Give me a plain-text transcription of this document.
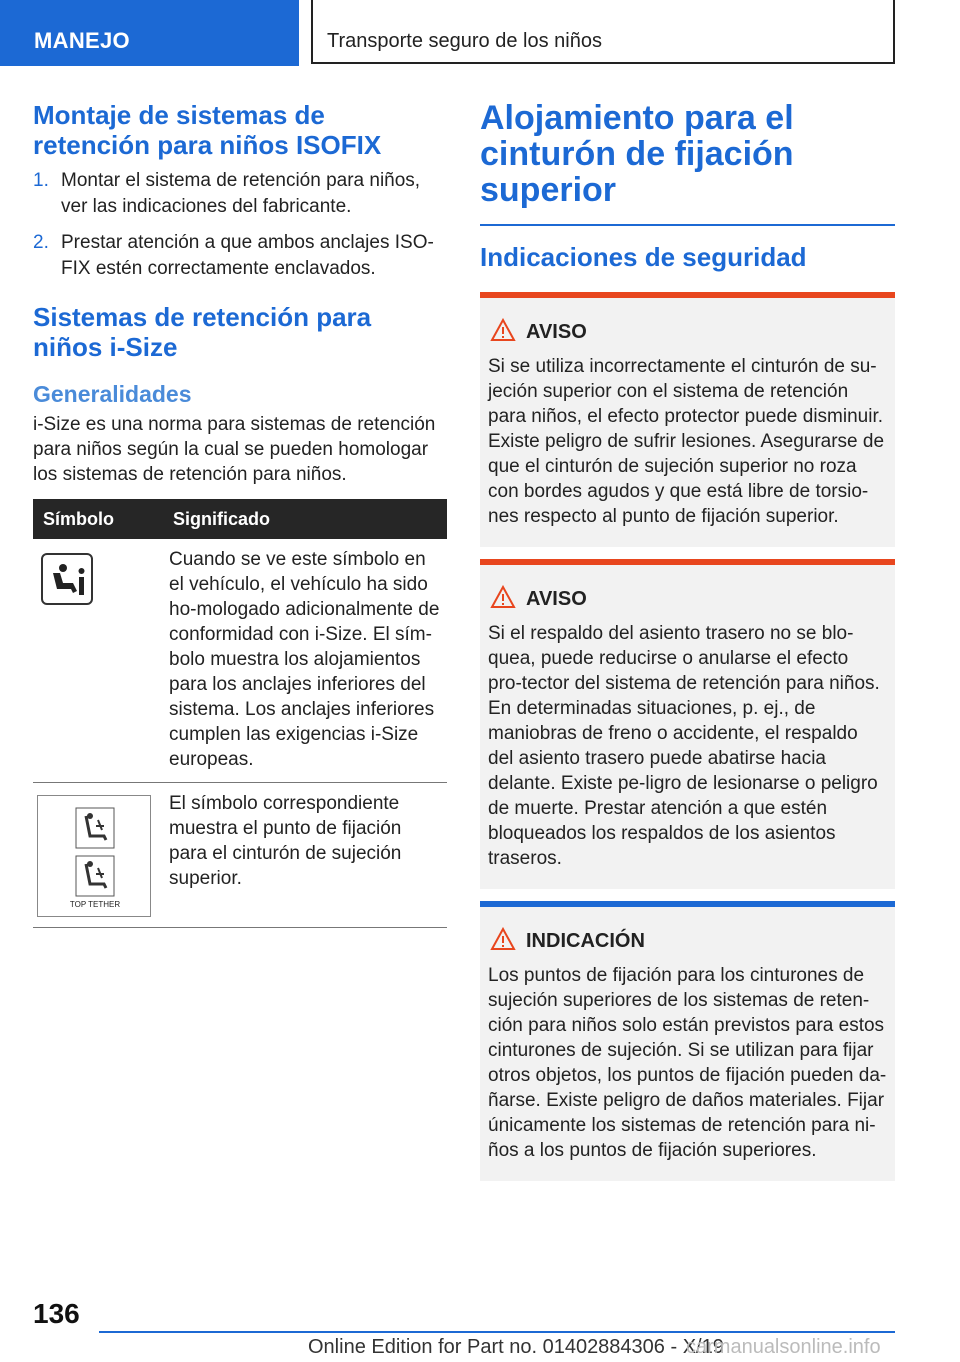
MANEJO	Transporte seguro de los niños
Montaje de sistemas de retención para niños ISOFIX
1. Montar el sistema de retención para niños, ver las indicaciones del fabricante.
2. Prestar atención a que ambos anclajes ISO-FIX estén correctamente enclavados.
Sistemas de retención para niños i-Size
Generalidades

i-Size es una norma para sistemas de retención para niños según la cual se pueden homologar los sistemas de retención para niños.

Símbolo	Significado

	Cuando se ve este símbolo en el vehículo, el vehículo ha sido ho-mologado adicionalmente de conformidad con i-Size. El sím-bolo muestra los alojamientos para los anclajes inferiores del sistema. Los anclajes inferiores cumplen las exigencias i-Size europeas.

TOP TETHER	El símbolo correspondiente muestra el punto de fijación para el cinturón de sujeción superior.
Alojamiento para el cinturón de fijación superior
Indicaciones de seguridad
AVISO

Si se utiliza incorrectamente el cinturón de su-jeción superior con el sistema de retención para niños, el efecto protector puede disminuir. Existe peligro de sufrir lesiones. Asegurarse de que el cinturón de sujeción superior no roza con bordes agudos y que está libre de torsio-nes respecto al punto de fijación superior.

AVISO

Si el respaldo del asiento trasero no se blo-quea, puede reducirse o anularse el efecto pro-tector del sistema de retención para niños. En determinadas situaciones, p. ej., de maniobras de freno o accidente, el respaldo del asiento trasero puede abatirse hacia delante. Existe pe-ligro de lesionarse o peligro de muerte. Prestar atención a que estén bloqueados los respaldos de los asientos traseros.

INDICACIÓN

Los puntos de fijación para los cinturones de sujeción superiores de los sistemas de reten-ción para niños solo están previstos para estos cinturones de sujeción. Si se utilizan para fijar otros objetos, los puntos de fijación pueden da-ñarse. Existe peligro de daños materiales. Fijar únicamente los sistemas de retención para ni-ños a los puntos de fijación superiores.

136
Online Edition for Part no. 01402884306 - X/19
carmanualsonline.info
